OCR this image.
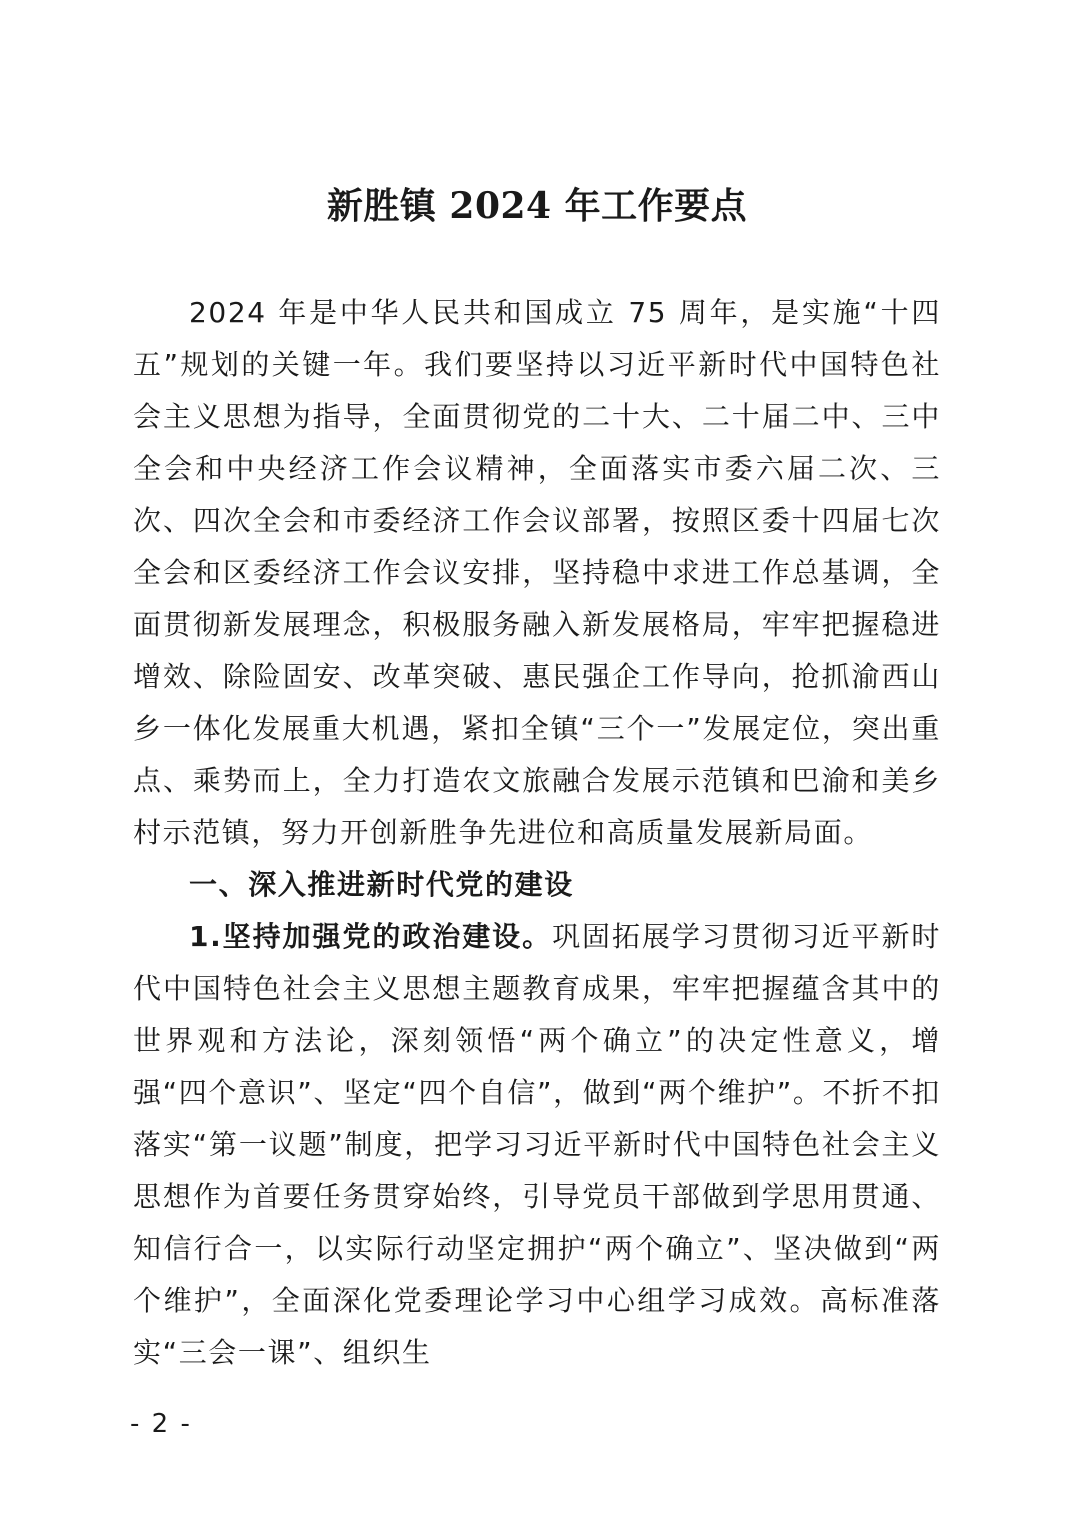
新胜镇 2024 年工作要点

2024 年是中华人民共和国成立 75 周年，是实施“十四五”规划的关键一年。我们要坚持以习近平新时代中国特色社会主义思想为指导，全面贯彻党的二十大、二十届二中、三中全会和中央经济工作会议精神，全面落实市委六届二次、三次、四次全会和市委经济工作会议部署，按照区委十四届七次全会和区委经济工作会议安排，坚持稳中求进工作总基调，全面贯彻新发展理念，积极服务融入新发展格局，牢牢把握稳进增效、除险固安、改革突破、惠民强企工作导向，抢抓渝西山乡一体化发展重大机遇，紧扣全镇“三个一”发展定位，突出重点、乘势而上，全力打造农文旅融合发展示范镇和巴渝和美乡村示范镇，努力开创新胜争先进位和高质量发展新局面。

一、深入推进新时代党的建设

1.坚持加强党的政治建设。巩固拓展学习贯彻习近平新时代中国特色社会主义思想主题教育成果，牢牢把握蕴含其中的世界观和方法论，深刻领悟“两个确立”的决定性意义，增强“四个意识”、坚定“四个自信”，做到“两个维护”。不折不扣落实“第一议题”制度，把学习习近平新时代中国特色社会主义思想作为首要任务贯穿始终，引导党员干部做到学思用贯通、知信行合一，以实际行动坚定拥护“两个确立”、坚决做到“两个维护”，全面深化党委理论学习中心组学习成效。高标准落实“三会一课”、组织生

- 2 -
